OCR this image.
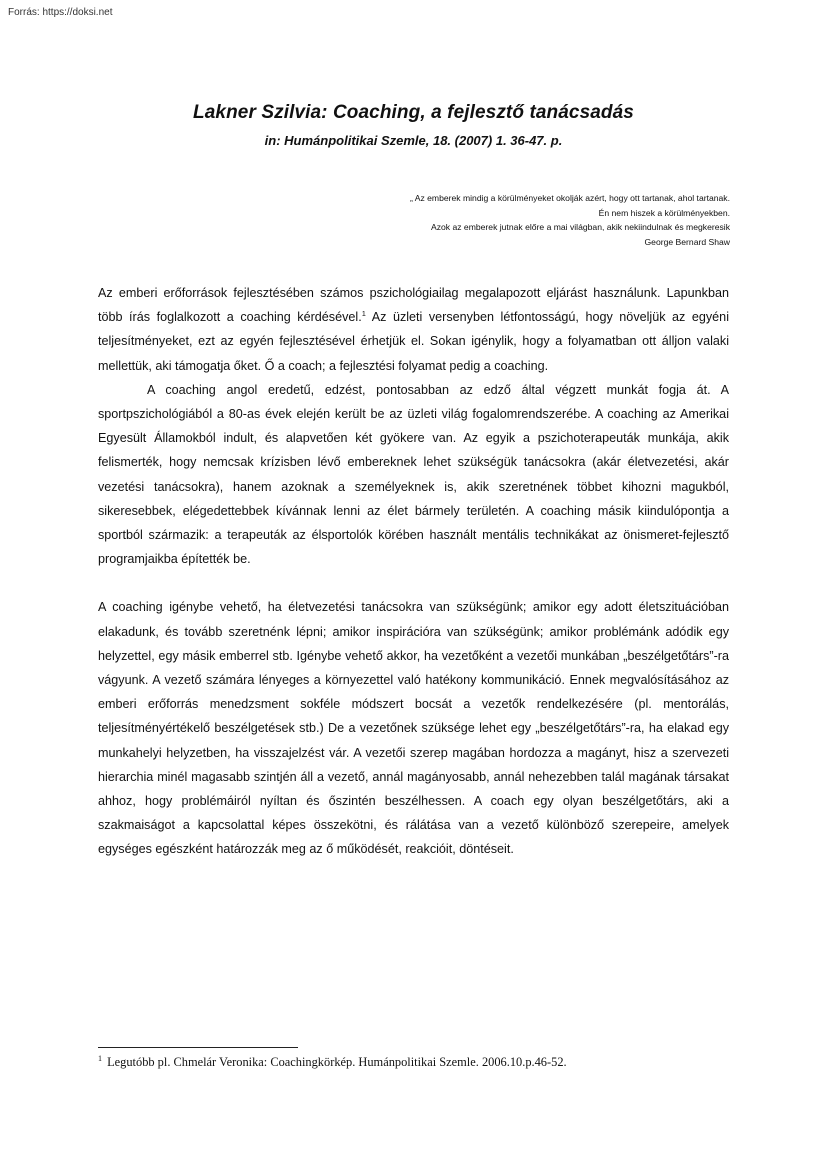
Forrás: https://doksi.net
Lakner Szilvia: Coaching, a fejlesztő tanácsadás
in: Humánpolitikai Szemle, 18. (2007) 1. 36-47. p.
„ Az emberek mindig a körülményeket okolják azért, hogy ott tartanak, ahol tartanak.
Én nem hiszek a körülményekben.
Azok az emberek jutnak előre a mai világban, akik nekiindulnak és megkeresik
George Bernard Shaw

Az emberi erőforrások fejlesztésében számos pszichológiailag megalapozott eljárást használunk. Lapunkban több írás foglalkozott a coaching kérdésével.$^1$ Az üzleti versenyben létfontosságú, hogy növeljük az egyéni teljesítményeket, ezt az egyén fejlesztésével érhetjük el. Sokan igénylik, hogy a folyamatban ott álljon valaki mellettük, aki támogatja őket. Ő a coach; a fejlesztési folyamat pedig a coaching.

A coaching angol eredetű, edzést, pontosabban az edző által végzett munkát fogja át. A sportpszichológiából a 80-as évek elején került be az üzleti világ fogalomrendszerébe. A coaching az Amerikai Egyesült Államokból indult, és alapvetően két gyökere van. Az egyik a pszichoterapeuták munkája, akik felismerték, hogy nemcsak krízisben lévő embereknek lehet szükségük tanácsokra (akár életvezetési, akár vezetési tanácsokra), hanem azoknak a személyeknek is, akik szeretnének többet kihozni magukból, sikeresebbek, elégedettebbek kívánnak lenni az élet bármely területén. A coaching másik kiindulópontja a sportból származik: a terapeuták az élsportolók körében használt mentális technikákat az önismeret-fejlesztő programjaikba építették be.

A coaching igénybe vehető, ha életvezetési tanácsokra van szükségünk; amikor egy adott életszituációban elakadunk, és tovább szeretnénk lépni; amikor inspirációra van szükségünk; amikor problémánk adódik egy helyzettel, egy másik emberrel stb. Igénybe vehető akkor, ha vezetőként a vezetői munkában „beszélgetőtárs”-ra vágyunk. A vezető számára lényeges a környezettel való hatékony kommunikáció. Ennek megvalósításához az emberi erőforrás menedzsment sokféle módszert bocsát a vezetők rendelkezésére (pl. mentorálás, teljesítményértékelő beszélgetések stb.) De a vezetőnek szüksége lehet egy „beszélgetőtárs”-ra, ha elakad egy munkahelyi helyzetben, ha visszajelzést vár. A vezetői szerep magában hordozza a magányt, hisz a szervezeti hierarchia minél magasabb szintjén áll a vezető, annál magányosabb, annál nehezebben talál magának társakat ahhoz, hogy problémáiról nyíltan és őszintén beszélhessen. A coach egy olyan beszélgetőtárs, aki a szakmaiságot a kapcsolattal képes összekötni, és rálátása van a vezető különböző szerepeire, amelyek egységes egészként határozzák meg az ő működését, reakcióit, döntéseit.

$^1$ Legutóbb pl. Chmelár Veronika: Coachingkörkép. Humánpolitikai Szemle. 2006.10.p.46-52.
